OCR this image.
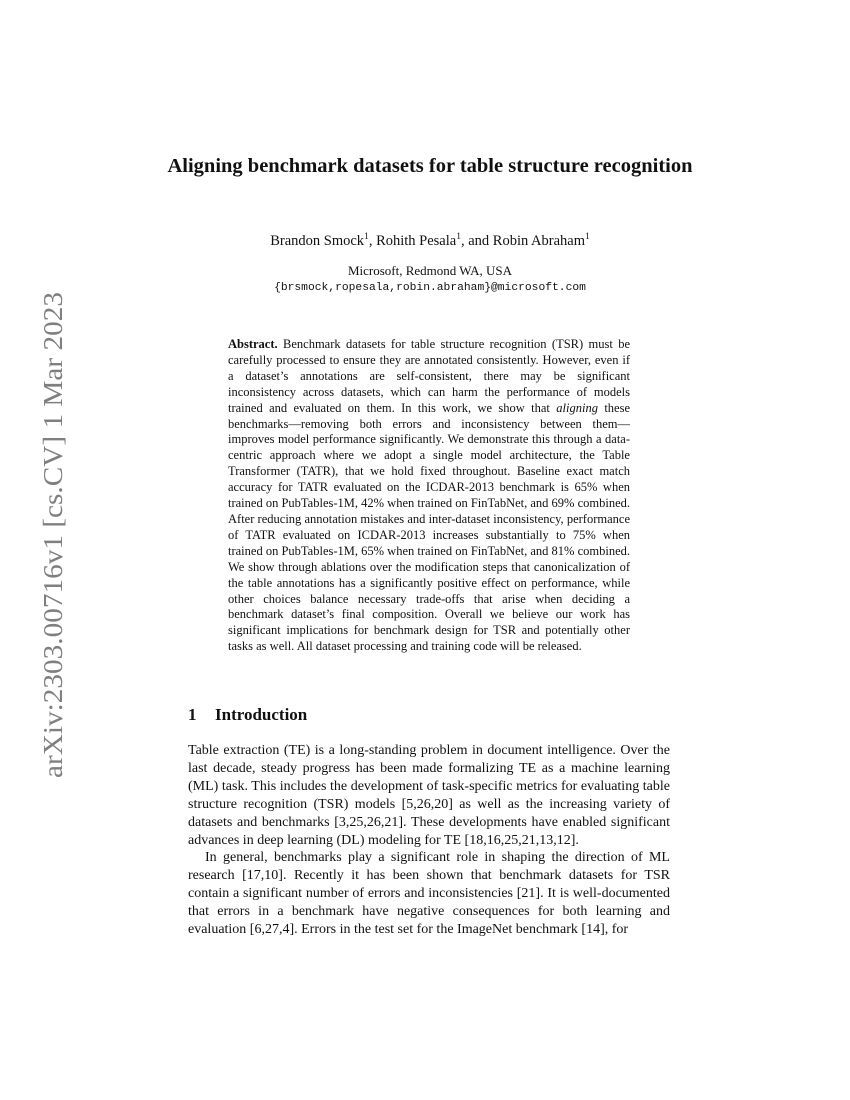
arXiv:2303.00716v1 [cs.CV] 1 Mar 2023
Aligning benchmark datasets for table structure recognition
Brandon Smock$^1$, Rohith Pesala$^1$, and Robin Abraham$^1$
Microsoft, Redmond WA, USA
{brsmock,ropesala,robin.abraham}@microsoft.com
Abstract. Benchmark datasets for table structure recognition (TSR) must be carefully processed to ensure they are annotated consistently. However, even if a dataset’s annotations are self-consistent, there may be significant inconsistency across datasets, which can harm the performance of models trained and evaluated on them. In this work, we show that aligning these benchmarks—removing both errors and inconsistency between them—improves model performance significantly. We demonstrate this through a data-centric approach where we adopt a single model architecture, the Table Transformer (TATR), that we hold fixed throughout. Baseline exact match accuracy for TATR evaluated on the ICDAR-2013 benchmark is 65% when trained on PubTables-1M, 42% when trained on FinTabNet, and 69% combined. After reducing annotation mistakes and inter-dataset inconsistency, performance of TATR evaluated on ICDAR-2013 increases substantially to 75% when trained on PubTables-1M, 65% when trained on FinTabNet, and 81% combined. We show through ablations over the modification steps that canonicalization of the table annotations has a significantly positive effect on performance, while other choices balance necessary trade-offs that arise when deciding a benchmark dataset’s final composition. Overall we believe our work has significant implications for benchmark design for TSR and potentially other tasks as well. All dataset processing and training code will be released.
1 Introduction

Table extraction (TE) is a long-standing problem in document intelligence. Over the last decade, steady progress has been made formalizing TE as a machine learning (ML) task. This includes the development of task-specific metrics for evaluating table structure recognition (TSR) models [5,26,20] as well as the increasing variety of datasets and benchmarks [3,25,26,21]. These developments have enabled significant advances in deep learning (DL) modeling for TE [18,16,25,21,13,12].

In general, benchmarks play a significant role in shaping the direction of ML research [17,10]. Recently it has been shown that benchmark datasets for TSR contain a significant number of errors and inconsistencies [21]. It is well-documented that errors in a benchmark have negative consequences for both learning and evaluation [6,27,4]. Errors in the test set for the ImageNet benchmark [14], for
